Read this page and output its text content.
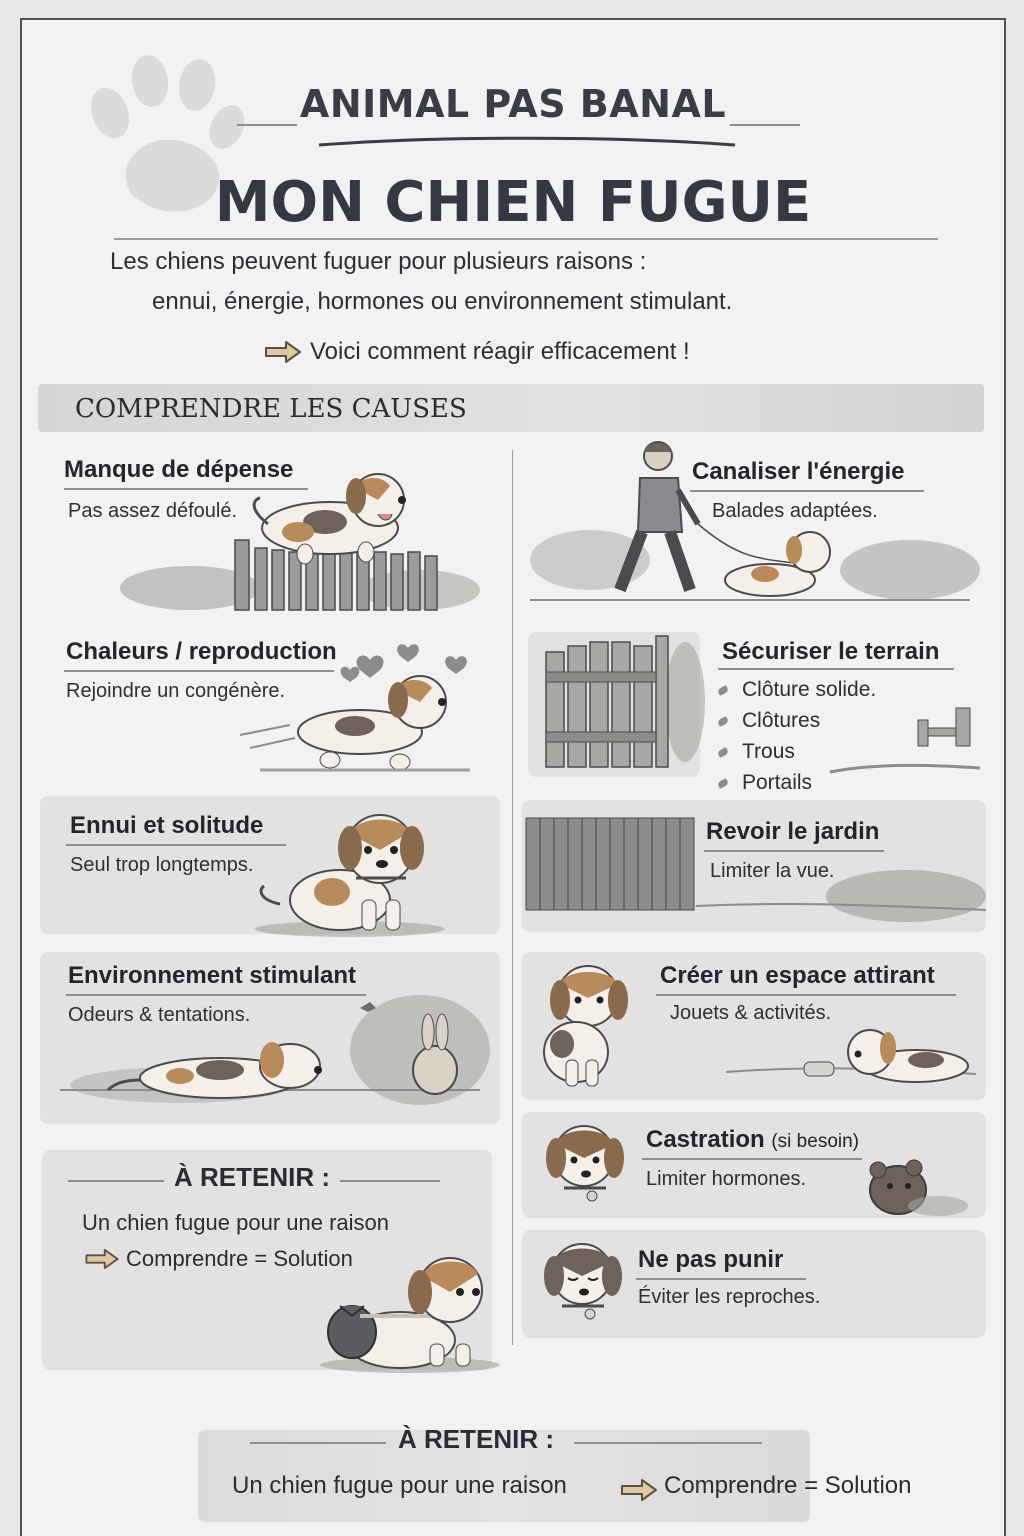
ANIMAL PAS BANAL
MON CHIEN FUGUE
Les chiens peuvent fuguer pour plusieurs raisons :
ennui, énergie, hormones ou environnement stimulant.
Voici comment réagir efficacement !
COMPRENDRE LES CAUSES
Manque de dépense
Pas assez défoulé.
Chaleurs / reproduction
Rejoindre un congénère.
Ennui et solitude
Seul trop longtemps.
Environnement stimulant
Odeurs & tentations.
À RETENIR :
Un chien fugue pour une raison
Comprendre = Solution
Canaliser l'énergie
Balades adaptées.
Sécuriser le terrain
Clôture solide.
Clôtures
Trous
Portails
Revoir le jardin
Limiter la vue.
Créer un espace attirant
Jouets & activités.
Castration (si besoin)
Limiter hormones.
Ne pas punir
Éviter les reproches.
À RETENIR :
Un chien fugue pour une raison	Comprendre = Solution
